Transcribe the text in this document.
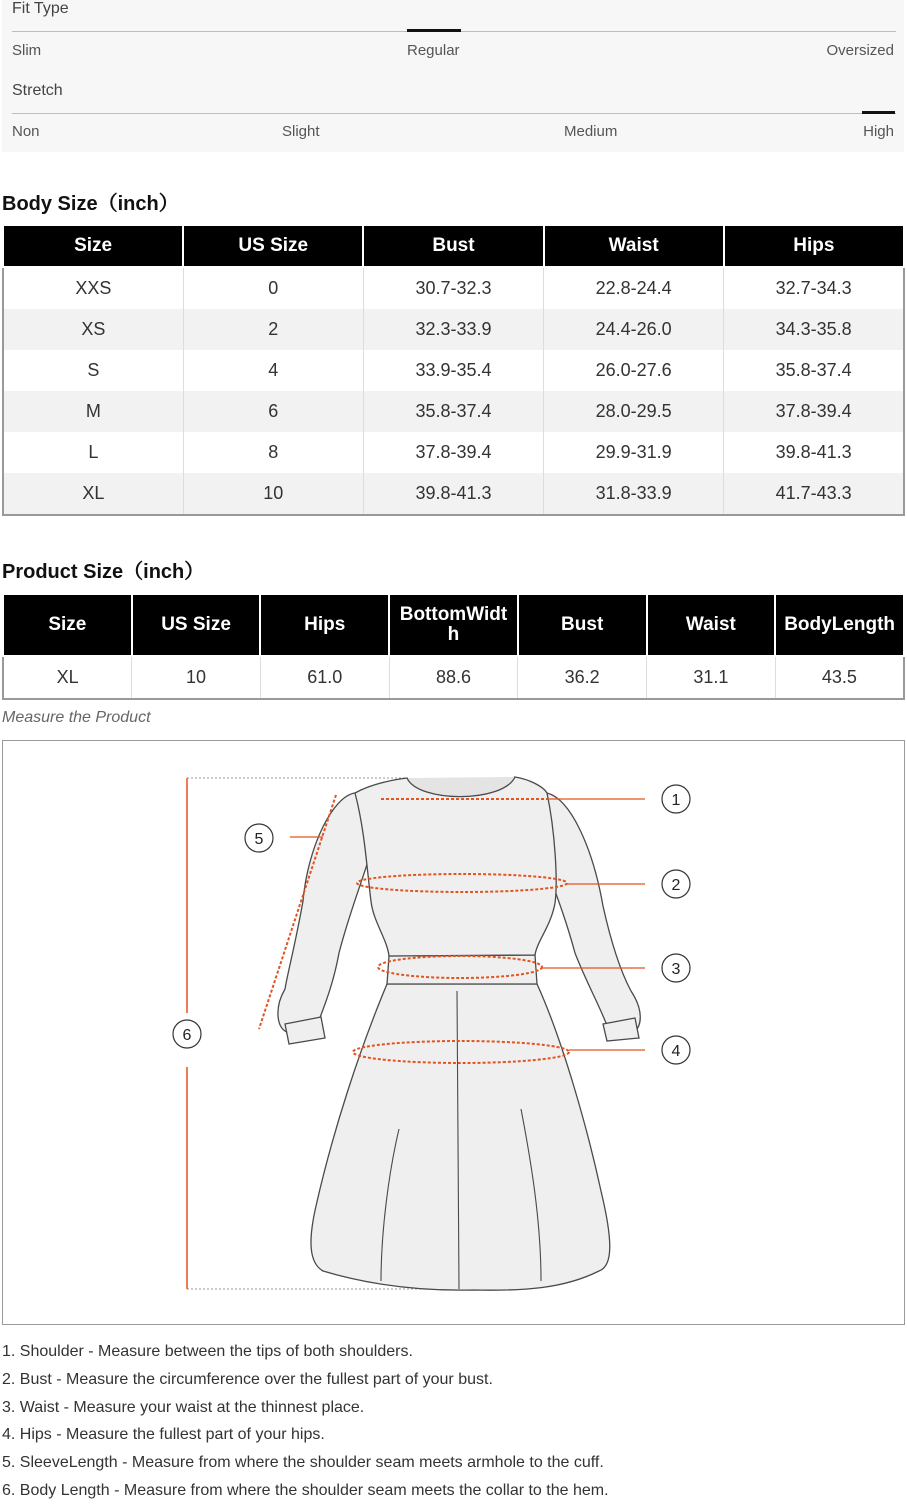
Fit Type
Slim	Regular	Oversized
Stretch
Non	Slight	Medium	High
Body Size（inch）
Size	US Size	Bust	Waist	Hips
XXS	0	30.7-32.3	22.8-24.4	32.7-34.3
XS	2	32.3-33.9	24.4-26.0	34.3-35.8
S	4	33.9-35.4	26.0-27.6	35.8-37.4
M	6	35.8-37.4	28.0-29.5	37.8-39.4
L	8	37.8-39.4	29.9-31.9	39.8-41.3
XL	10	39.8-41.3	31.8-33.9	41.7-43.3
Product Size（inch）
Size	US Size	Hips	BottomWidth	Bust	Waist	BodyLength
XL	10	61.0	88.6	36.2	31.1	43.5
Measure the Product
1
2
3
4
5
6
1. Shoulder - Measure between the tips of both shoulders.
2. Bust - Measure the circumference over the fullest part of your bust.
3. Waist - Measure your waist at the thinnest place.
4. Hips - Measure the fullest part of your hips.
5. SleeveLength - Measure from where the shoulder seam meets armhole to the cuff.
6. Body Length - Measure from where the shoulder seam meets the collar to the hem.
